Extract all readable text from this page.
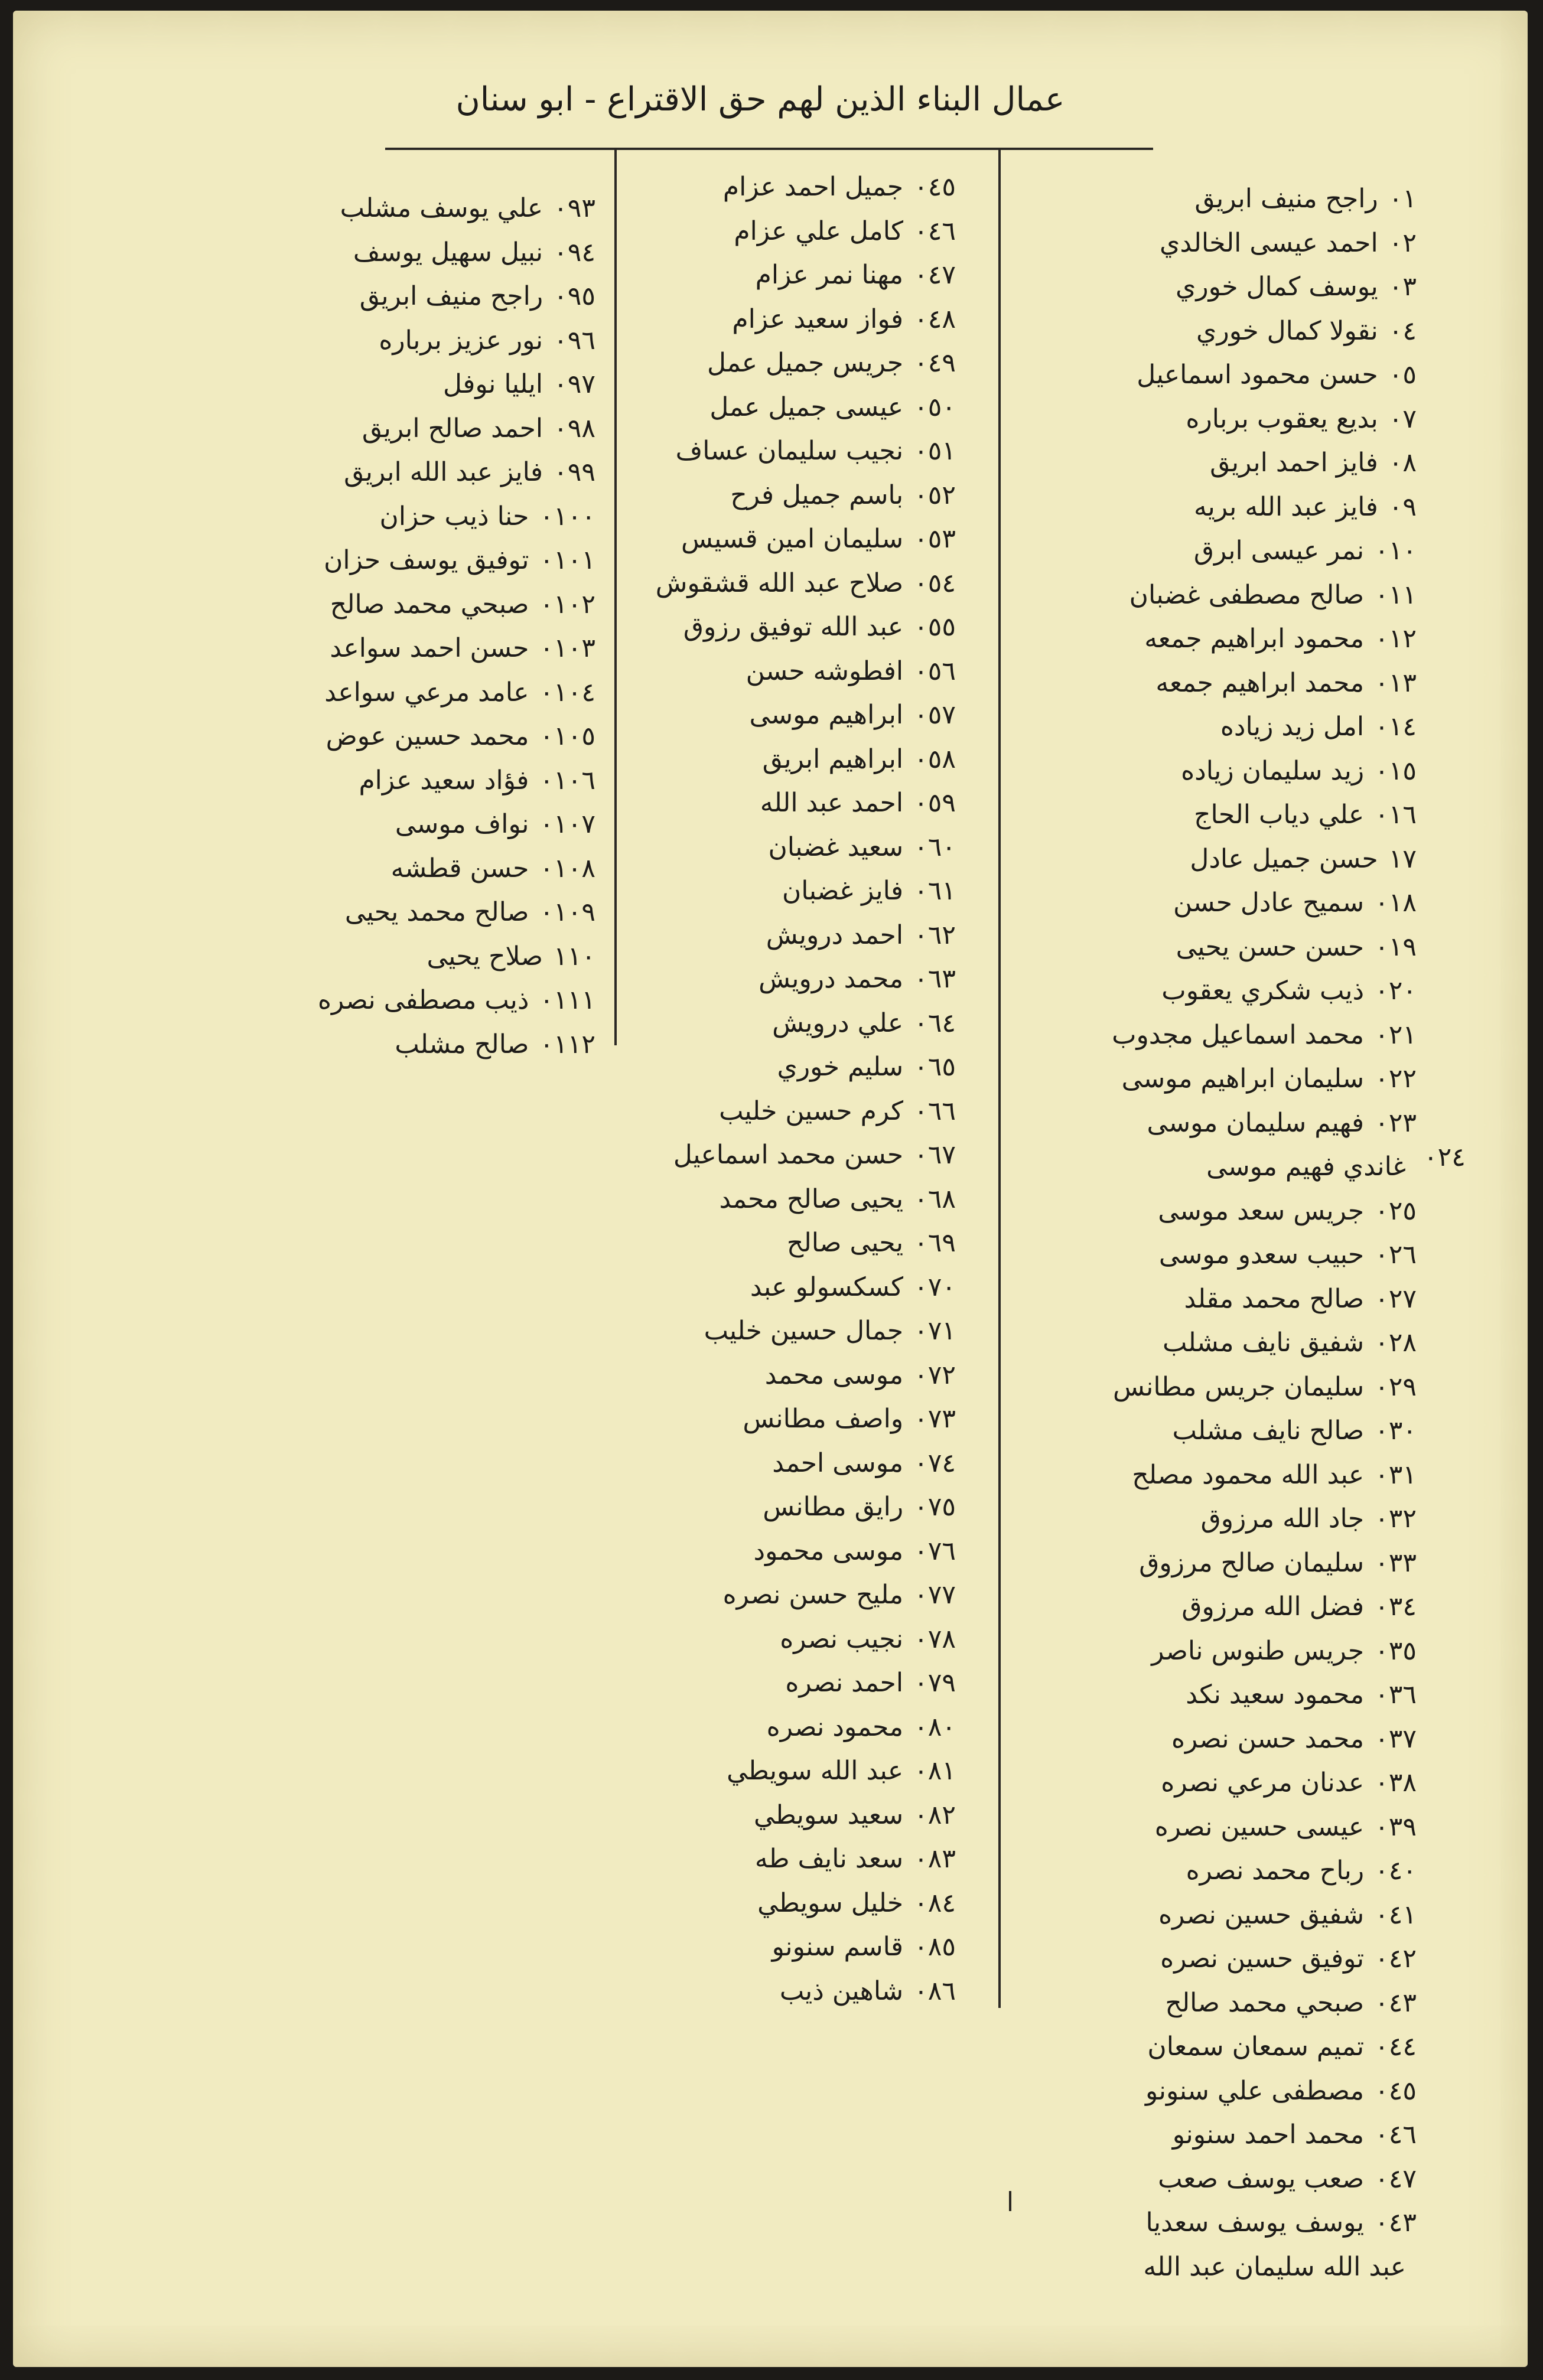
عمال البناء الذين لهم حق الاقتراع - ابو سنان
٠١راجح منيف ابريق
٠٢احمد عيسى الخالدي
٠٣يوسف كمال خوري
٠٤نقولا كمال خوري
٠٥حسن محمود اسماعيل
٠٧بديع يعقوب برباره
٠٨فايز احمد ابريق
٠٩فايز عبد الله بريه
٠١٠نمر عيسى ابرق
٠١١صالح مصطفى غضبان
٠١٢محمود ابراهيم جمعه
٠١٣محمد ابراهيم جمعه
٠١٤امل زيد زياده
٠١٥زيد سليمان زياده
٠١٦علي دياب الحاج
١٧حسن جميل عادل
٠١٨سميح عادل حسن
٠١٩حسن حسن يحيى
٠٢٠ذيب شكري يعقوب
٠٢١محمد اسماعيل مجدوب
٠٢٢سليمان ابراهيم موسى
٠٢٣فهيم سليمان موسى
غاندي فهيم موسى
٠٢٥جريس سعد موسى
٠٢٦حبيب سعدو موسى
٠٢٧صالح محمد مقلد
٠٢٨شفيق نايف مشلب
٠٢٩سليمان جريس مطانس
٠٣٠صالح نايف مشلب
٠٣١عبد الله محمود مصلح
٠٣٢جاد الله مرزوق
٠٣٣سليمان صالح مرزوق
٠٣٤فضل الله مرزوق
٠٣٥جريس طنوس ناصر
٠٣٦محمود سعيد نكد
٠٣٧محمد حسن نصره
٠٣٨عدنان مرعي نصره
٠٣٩عيسى حسين نصره
٠٤٠رباح محمد نصره
٠٤١شفيق حسين نصره
٠٤٢توفيق حسين نصره
٠٤٣صبحي محمد صالح
٠٤٤تميم سمعان سمعان
٠٤٥مصطفى علي سنونو
٠٤٦محمد احمد سنونو
٠٤٧صعب يوسف صعب
٠٤٣يوسف يوسف سعديا
عبد الله سليمان عبد الله
٠٢٤
٠٤٥جميل احمد عزام
٠٤٦كامل علي عزام
٠٤٧مهنا نمر عزام
٠٤٨فواز سعيد عزام
٠٤٩جريس جميل عمل
٠٥٠عيسى جميل عمل
٠٥١نجيب سليمان عساف
٠٥٢باسم جميل فرح
٠٥٣سليمان امين قسيس
٠٥٤صلاح عبد الله قشقوش
٠٥٥عبد الله توفيق رزوق
٠٥٦افطوشه حسن
٠٥٧ابراهيم موسى
٠٥٨ابراهيم ابريق
٠٥٩احمد عبد الله
٠٦٠سعيد غضبان
٠٦١فايز غضبان
٠٦٢احمد درويش
٠٦٣محمد درويش
٠٦٤علي درويش
٠٦٥سليم خوري
٠٦٦كرم حسين خليب
٠٦٧حسن محمد اسماعيل
٠٦٨يحيى صالح محمد
٠٦٩يحيى صالح
٠٧٠كسكسولو عبد
٠٧١جمال حسين خليب
٠٧٢موسى محمد
٠٧٣واصف مطانس
٠٧٤موسى احمد
٠٧٥رايق مطانس
٠٧٦موسى محمود
٠٧٧مليح حسن نصره
٠٧٨نجيب نصره
٠٧٩احمد نصره
٠٨٠محمود نصره
٠٨١عبد الله سويطي
٠٨٢سعيد سويطي
٠٨٣سعد نايف طه
٠٨٤خليل سويطي
٠٨٥قاسم سنونو
٠٨٦شاهين ذيب
٠٩٣علي يوسف مشلب
٠٩٤نبيل سهيل يوسف
٠٩٥راجح منيف ابريق
٠٩٦نور عزيز برباره
٠٩٧ايليا نوفل
٠٩٨احمد صالح ابريق
٠٩٩فايز عبد الله ابريق
٠١٠٠حنا ذيب حزان
٠١٠١توفيق يوسف حزان
٠١٠٢صبحي محمد صالح
٠١٠٣حسن احمد سواعد
٠١٠٤عامد مرعي سواعد
٠١٠٥محمد حسين عوض
٠١٠٦فؤاد سعيد عزام
٠١٠٧نواف موسى
٠١٠٨حسن قطشه
٠١٠٩صالح محمد يحيى
١١٠صلاح يحيى
٠١١١ذيب مصطفى نصره
٠١١٢صالح مشلب
